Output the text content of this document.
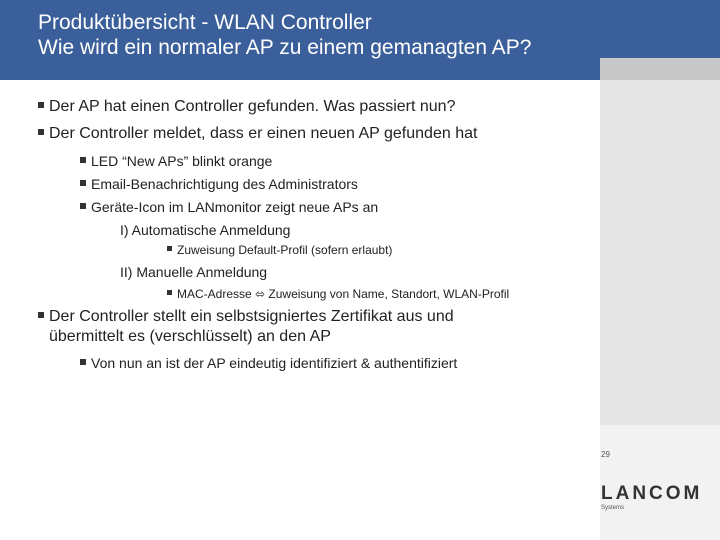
Produktübersicht - WLAN Controller
Wie wird ein normaler AP zu einem gemanagten AP?
Der AP hat einen Controller gefunden. Was passiert nun?
Der Controller meldet, dass er einen neuen AP gefunden hat
LED “New APs” blinkt orange
Email-Benachrichtigung des Administrators
Geräte-Icon im LANmonitor zeigt neue APs an
I) Automatische Anmeldung
Zuweisung Default-Profil (sofern erlaubt)
II) Manuelle Anmeldung
MAC-Adresse ⬄ Zuweisung von Name, Standort, WLAN-Profil
Der Controller stellt ein selbstsigniertes Zertifikat aus und
übermittelt es (verschlüsselt) an den AP
Von nun an ist der AP eindeutig identifiziert & authentifiziert
29
LANCOM
Systems
